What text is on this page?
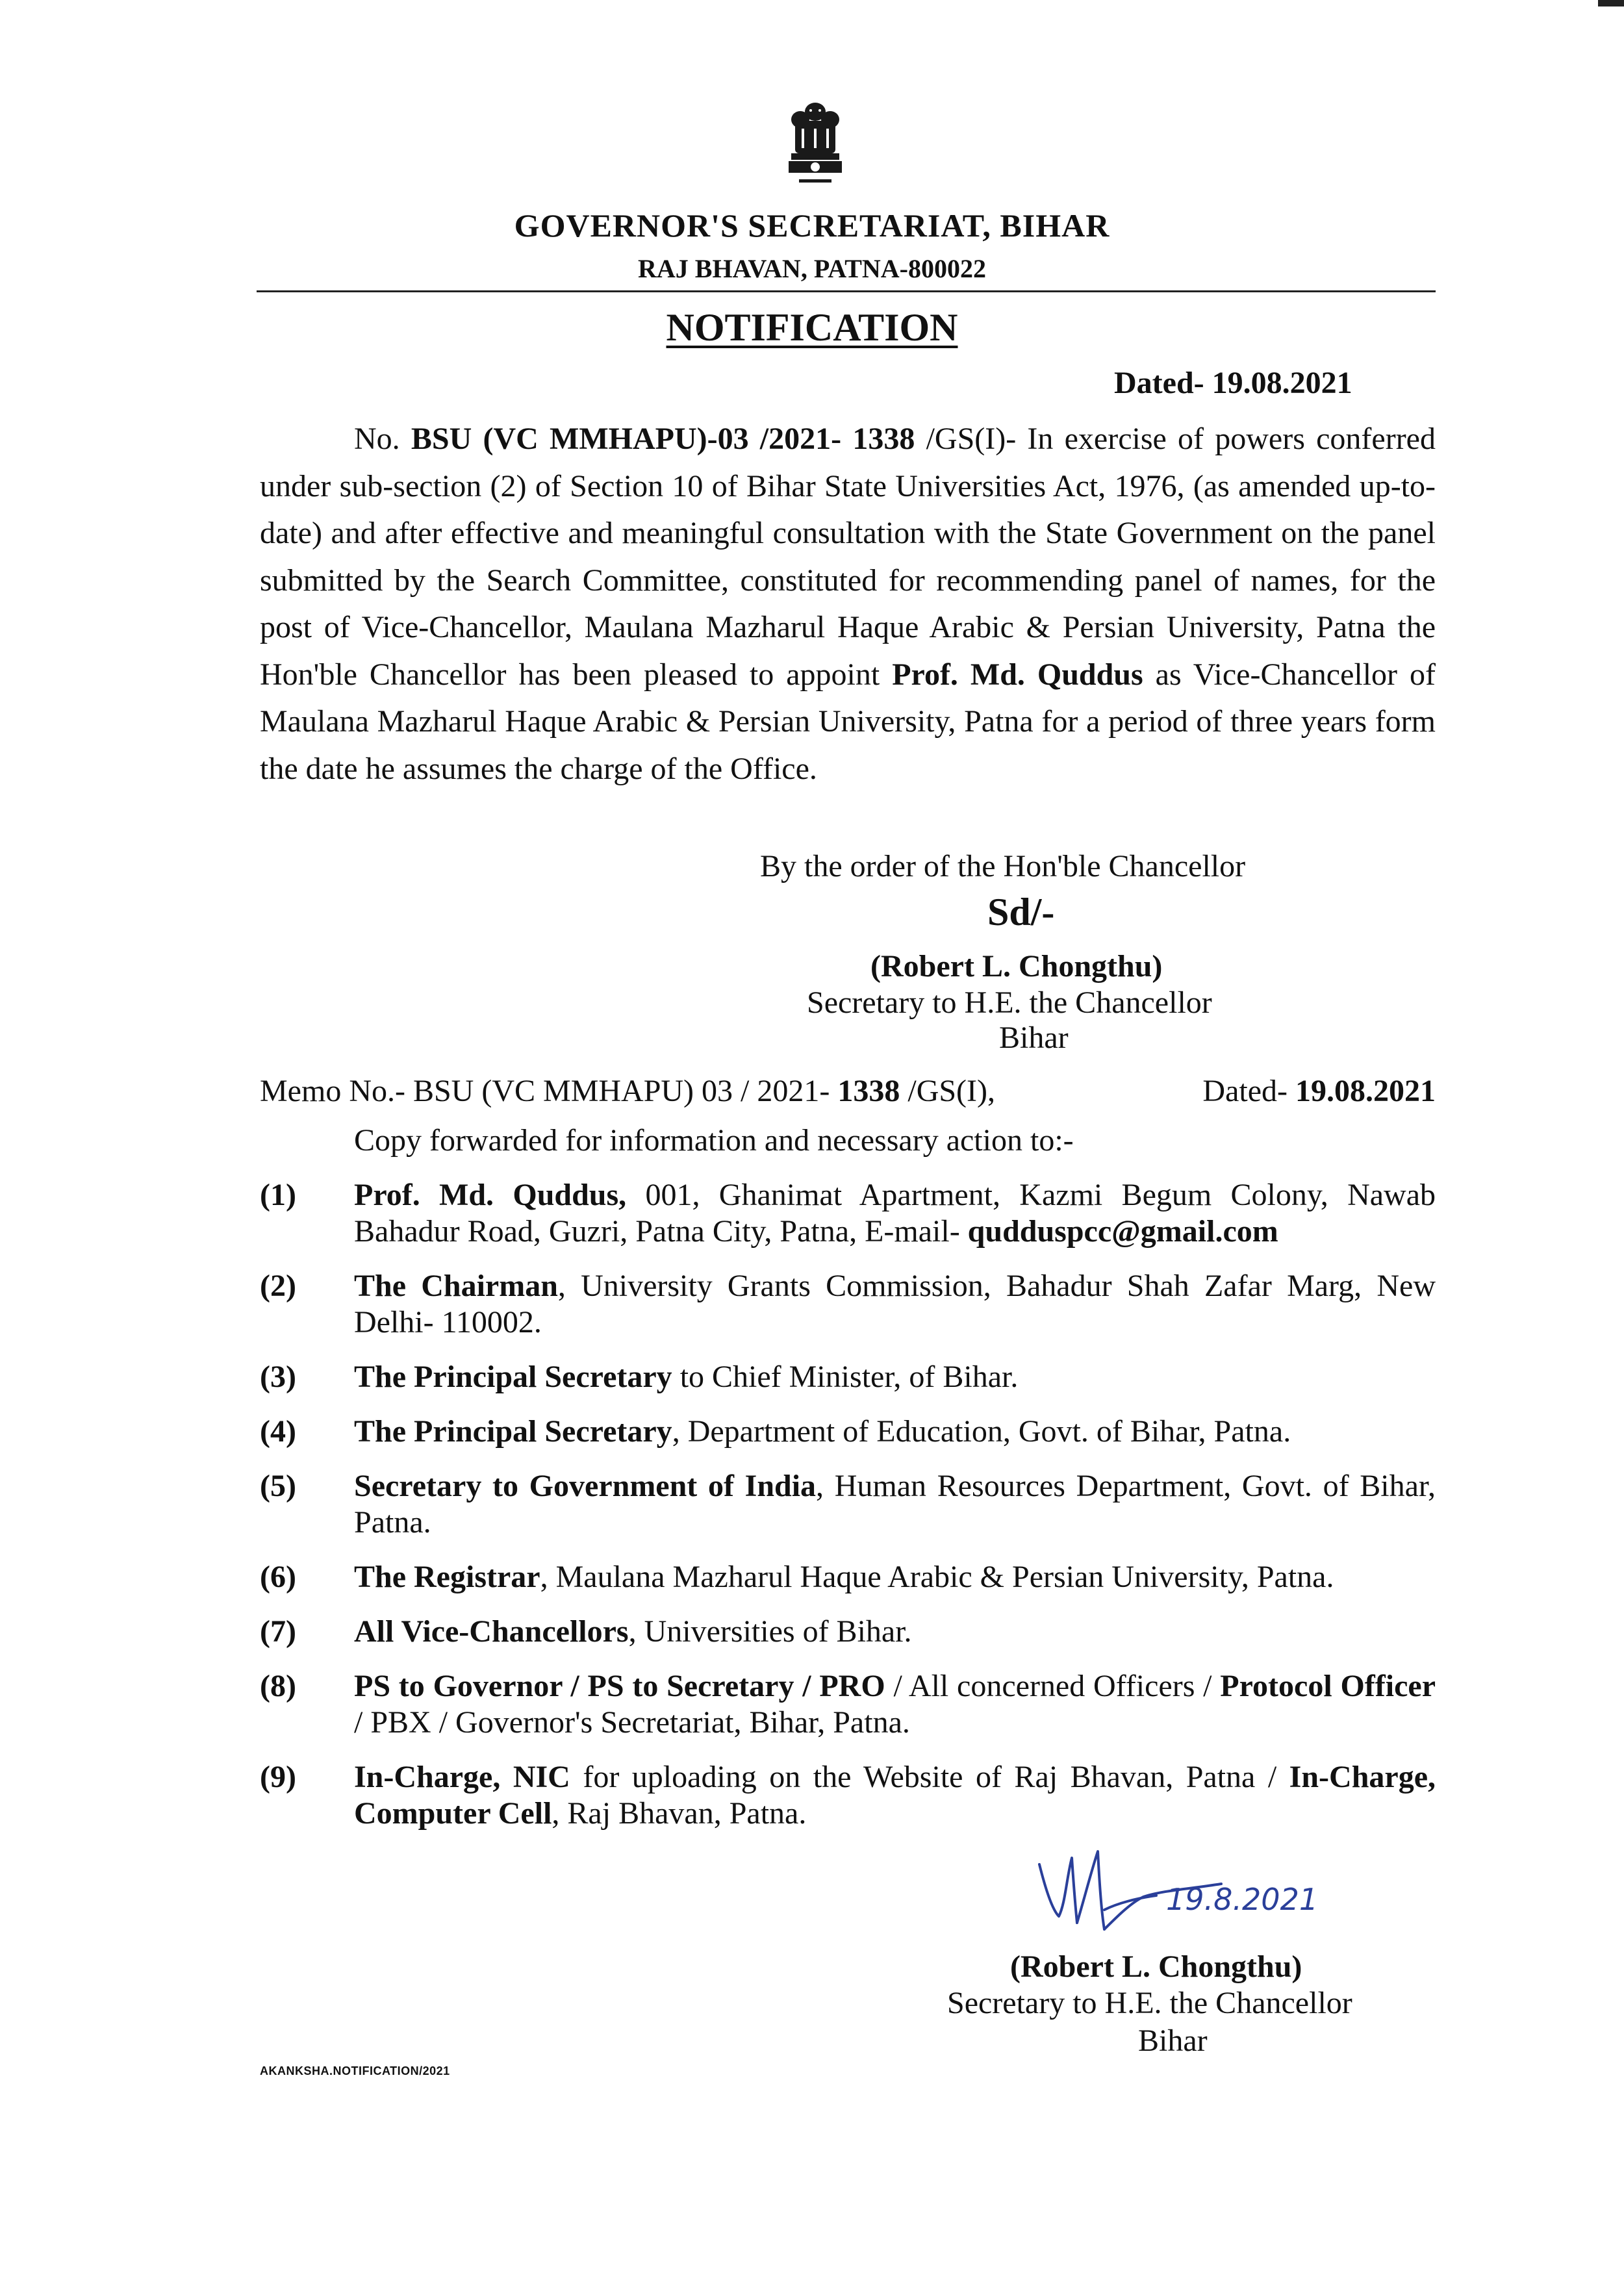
GOVERNOR'S SECRETARIAT, BIHAR
RAJ BHAVAN, PATNA-800022
NOTIFICATION
Dated- 19.08.2021
No. BSU (VC MMHAPU)-03 /2021- 1338 /GS(I)- In exercise of powers conferred under sub-section (2) of Section 10 of Bihar State Universities Act, 1976, (as amended up-to-date) and after effective and meaningful consultation with the State Government on the panel submitted by the Search Committee, constituted for recommending panel of names, for the post of Vice-Chancellor, Maulana Mazharul Haque Arabic & Persian University, Patna the Hon'ble Chancellor has been pleased to appoint Prof. Md. Quddus as Vice-Chancellor of Maulana Mazharul Haque Arabic & Persian University, Patna for a period of three years form the date he assumes the charge of the Office.
By the order of the Hon'ble Chancellor
Sd/-
(Robert L. Chongthu)
Secretary to H.E. the Chancellor
Bihar
Memo No.- BSU (VC MMHAPU) 03 / 2021- 1338 /GS(I),	Dated- 19.08.2021
Copy forwarded for information and necessary action to:-
(1)	Prof. Md. Quddus, 001, Ghanimat Apartment, Kazmi Begum Colony, Nawab Bahadur Road, Guzri, Patna City, Patna, E-mail- qudduspcc@gmail.com
(2)	The Chairman, University Grants Commission, Bahadur Shah Zafar Marg, New Delhi- 110002.
(3)	The Principal Secretary to Chief Minister, of Bihar.
(4)	The Principal Secretary, Department of Education, Govt. of Bihar, Patna.
(5)	Secretary to Government of India, Human Resources Department, Govt. of Bihar, Patna.
(6)	The Registrar, Maulana Mazharul Haque Arabic & Persian University, Patna.
(7)	All Vice-Chancellors, Universities of Bihar.
(8)	PS to Governor / PS to Secretary / PRO / All concerned Officers / Protocol Officer / PBX / Governor's Secretariat, Bihar, Patna.
(9)	In-Charge, NIC for uploading on the Website of Raj Bhavan, Patna / In-Charge, Computer Cell, Raj Bhavan, Patna.
19.8.2021
(Robert L. Chongthu)
Secretary to H.E. the Chancellor
Bihar
AKANKSHA.NOTIFICATION/2021
